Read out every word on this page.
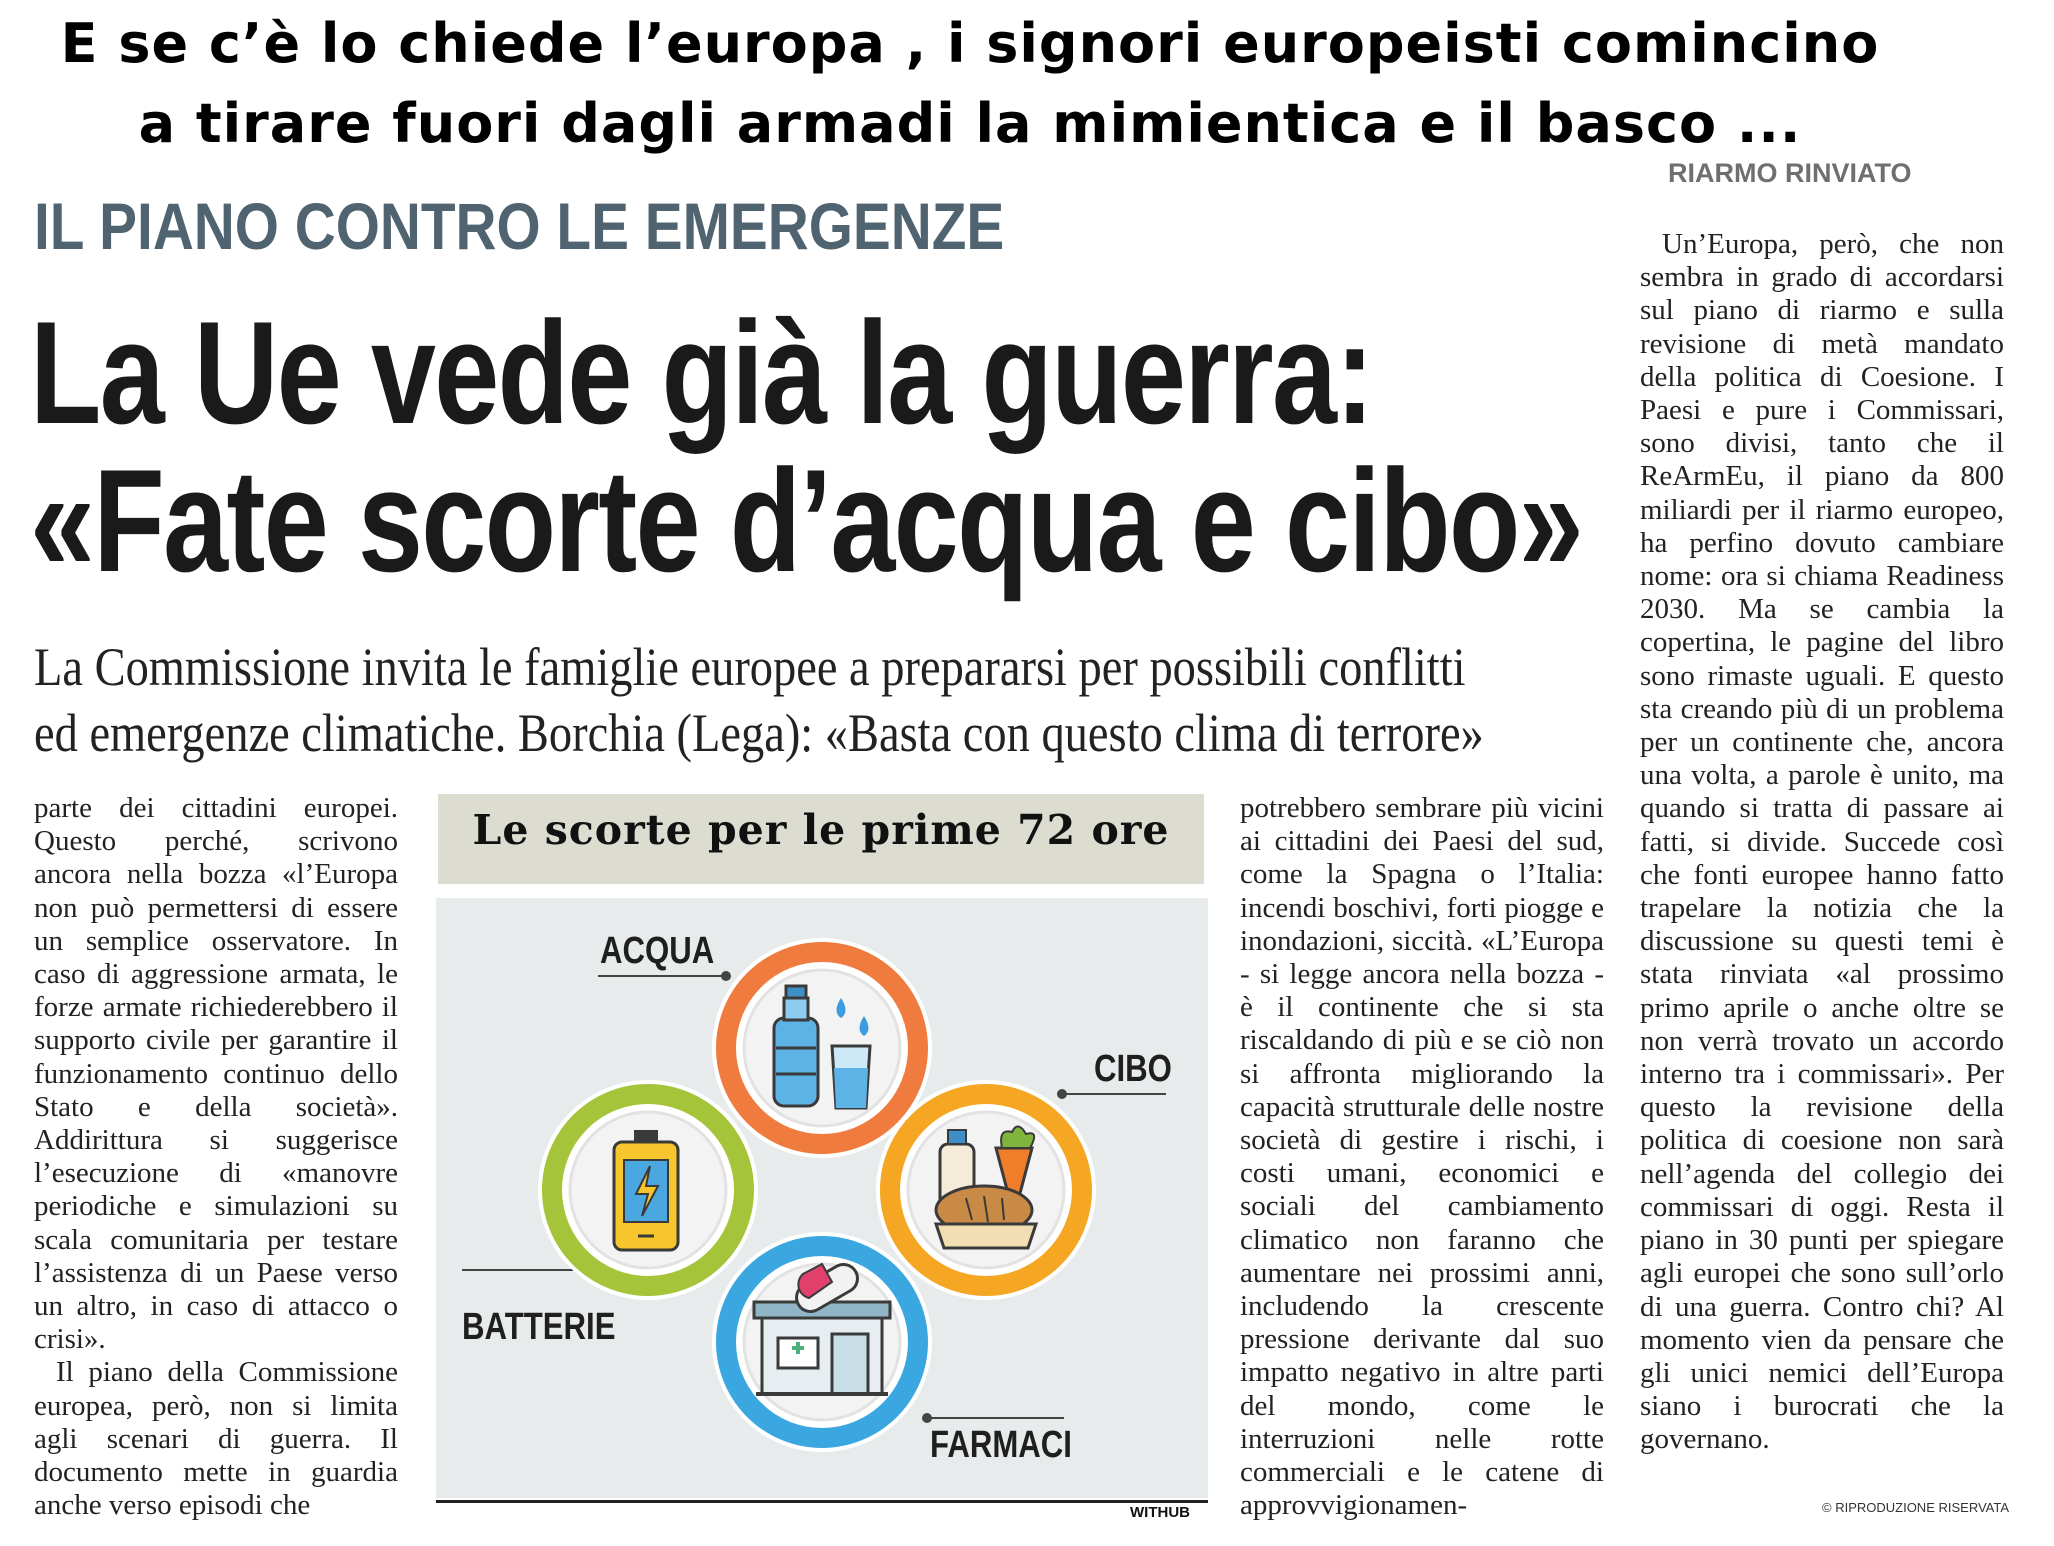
E se c’è lo chiede l’europa , i signori europeisti comincino
a tirare fuori dagli armadi la mimientica e il basco ...
IL PIANO CONTRO LE EMERGENZE
La Ue vede già la guerra:
«Fate scorte d’acqua e cibo»
La Commissione invita le famiglie europee a prepararsi per possibili conflitti
ed emergenze climatiche. Borchia (Lega): «Basta con questo clima di terrore»

parte dei cittadini europei. Questo perché, scrivono ancora nella bozza «l’Europa non può permettersi di essere un semplice osservatore. In caso di aggressione armata, le forze armate richiederebbero il supporto civile per garantire il funzionamento continuo dello Stato e della società». Addirittura si suggerisce l’esecuzione di «manovre periodiche e simulazioni su scala comunitaria per testare l’assistenza di un Paese verso un altro, in caso di attacco o crisi».

Il piano della Commissione europea, però, non si limita agli scenari di guerra. Il documento mette in guardia anche verso episodi che

potrebbero sembrare più vicini ai cittadini dei Paesi del sud, come la Spagna o l’Italia: incendi boschivi, forti piogge e inondazioni, siccità. «L’Europa - si legge ancora nella bozza - è il continente che si sta riscaldando di più e se ciò non si affronta migliorando la capacità strutturale delle nostre società di gestire i rischi, i costi umani, economici e sociali del cambiamento climatico non faranno che aumentare nei prossimi anni, includendo la crescente pressione derivante dal suo impatto negativo in altre parti del mondo, come le interruzioni nelle rotte commerciali e le catene di approvvigionamen-

RIARMO RINVIATO

Un’Europa, però, che non sembra in grado di accordarsi sul piano di riarmo e sulla revisione di metà mandato della politica di Coesione. I Paesi e pure i Commissari, sono divisi, tanto che il ReArmEu, il piano da 800 miliardi per il riarmo europeo, ha perfino dovuto cambiare nome: ora si chiama Readiness 2030. Ma se cambia la copertina, le pagine del libro sono rimaste uguali. E questo sta creando più di un problema per un continente che, ancora una volta, a parole è unito, ma quando si tratta di passare ai fatti, si divide. Succede così che fonti europee hanno fatto trapelare la notizia che la discussione su questi temi è stata rinviata «al prossimo primo aprile o anche oltre se non verrà trovato un accordo interno tra i commissari». Per questo la revisione della politica di coesione non sarà nell’agenda del collegio dei commissari di oggi. Resta il piano in 30 punti per spiegare agli europei che sono sull’orlo di una guerra. Contro chi? Al momento vien da pensare che gli unici nemici dell’Europa siano i burocrati che la governano.

© RIPRODUZIONE RISERVATA
Le scorte per le prime 72 ore
ACQUA
CIBO
BATTERIE
FARMACI
WITHUB
